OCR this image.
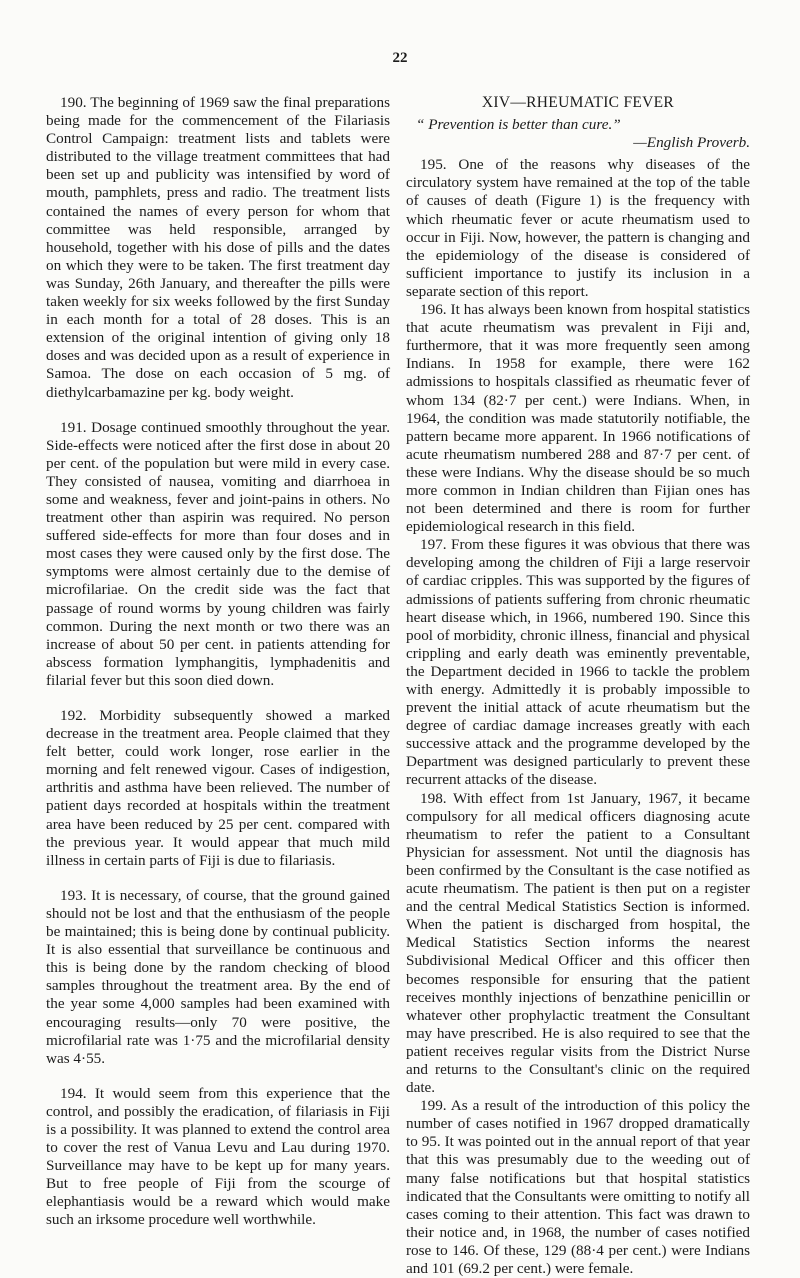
22

190. The beginning of 1969 saw the final preparations being made for the commencement of the Filariasis Control Campaign: treatment lists and tablets were distributed to the village treatment committees that had been set up and publicity was intensified by word of mouth, pamphlets, press and radio. The treatment lists contained the names of every person for whom that committee was held responsible, arranged by household, together with his dose of pills and the dates on which they were to be taken. The first treatment day was Sunday, 26th January, and thereafter the pills were taken weekly for six weeks followed by the first Sunday in each month for a total of 28 doses. This is an extension of the original intention of giving only 18 doses and was decided upon as a result of experience in Samoa. The dose on each occasion of 5 mg. of diethylcarbamazine per kg. body weight.

191. Dosage continued smoothly throughout the year. Side-effects were noticed after the first dose in about 20 per cent. of the population but were mild in every case. They consisted of nausea, vomiting and diarrhoea in some and weakness, fever and joint-pains in others. No treatment other than aspirin was required. No person suffered side-effects for more than four doses and in most cases they were caused only by the first dose. The symptoms were almost certainly due to the demise of microfilariae. On the credit side was the fact that passage of round worms by young children was fairly common. During the next month or two there was an increase of about 50 per cent. in patients attending for abscess formation lymphangitis, lymphadenitis and filarial fever but this soon died down.

192. Morbidity subsequently showed a marked decrease in the treatment area. People claimed that they felt better, could work longer, rose earlier in the morning and felt renewed vigour. Cases of indigestion, arthritis and asthma have been relieved. The number of patient days recorded at hospitals within the treatment area have been reduced by 25 per cent. compared with the previous year. It would appear that much mild illness in certain parts of Fiji is due to filariasis.

193. It is necessary, of course, that the ground gained should not be lost and that the enthusiasm of the people be maintained; this is being done by continual publicity. It is also essential that surveillance be continuous and this is being done by the random checking of blood samples throughout the treatment area. By the end of the year some 4,000 samples had been examined with encouraging results—only 70 were positive, the microfilarial rate was 1·75 and the microfilarial density was 4·55.

194. It would seem from this experience that the control, and possibly the eradication, of filariasis in Fiji is a possibility. It was planned to extend the control area to cover the rest of Vanua Levu and Lau during 1970. Surveillance may have to be kept up for many years. But to free people of Fiji from the scourge of elephantiasis would be a reward which would make such an irksome procedure well worthwhile.

XIV—RHEUMATIC FEVER
“ Prevention is better than cure.”
—English Proverb.

195. One of the reasons why diseases of the circulatory system have remained at the top of the table of causes of death (Figure 1) is the frequency with which rheumatic fever or acute rheumatism used to occur in Fiji. Now, however, the pattern is changing and the epidemiology of the disease is considered of sufficient importance to justify its inclusion in a separate section of this report.

196. It has always been known from hospital statistics that acute rheumatism was prevalent in Fiji and, furthermore, that it was more frequently seen among Indians. In 1958 for example, there were 162 admissions to hospitals classified as rheumatic fever of whom 134 (82·7 per cent.) were Indians. When, in 1964, the condition was made statutorily notifiable, the pattern became more apparent. In 1966 notifications of acute rheumatism numbered 288 and 87·7 per cent. of these were Indians. Why the disease should be so much more common in Indian children than Fijian ones has not been determined and there is room for further epidemiological research in this field.

197. From these figures it was obvious that there was developing among the children of Fiji a large reservoir of cardiac cripples. This was supported by the figures of admissions of patients suffering from chronic rheumatic heart disease which, in 1966, numbered 190. Since this pool of morbidity, chronic illness, financial and physical crippling and early death was eminently preventable, the Department decided in 1966 to tackle the problem with energy. Admittedly it is probably impossible to prevent the initial attack of acute rheumatism but the degree of cardiac damage increases greatly with each successive attack and the programme developed by the Department was designed particularly to prevent these recurrent attacks of the disease.

198. With effect from 1st January, 1967, it became compulsory for all medical officers diagnosing acute rheumatism to refer the patient to a Consultant Physician for assessment. Not until the diagnosis has been confirmed by the Consultant is the case notified as acute rheumatism. The patient is then put on a register and the central Medical Statistics Section is informed. When the patient is discharged from hospital, the Medical Statistics Section informs the nearest Subdivisional Medical Officer and this officer then becomes responsible for ensuring that the patient receives monthly injections of benzathine penicillin or whatever other prophylactic treatment the Consultant may have prescribed. He is also required to see that the patient receives regular visits from the District Nurse and returns to the Consultant's clinic on the required date.

199. As a result of the introduction of this policy the number of cases notified in 1967 dropped dramatically to 95. It was pointed out in the annual report of that year that this was presumably due to the weeding out of many false notifications but that hospital statistics indicated that the Consultants were omitting to notify all cases coming to their attention. This fact was drawn to their notice and, in 1968, the number of cases notified rose to 146. Of these, 129 (88·4 per cent.) were Indians and 101 (69.2 per cent.) were female.
